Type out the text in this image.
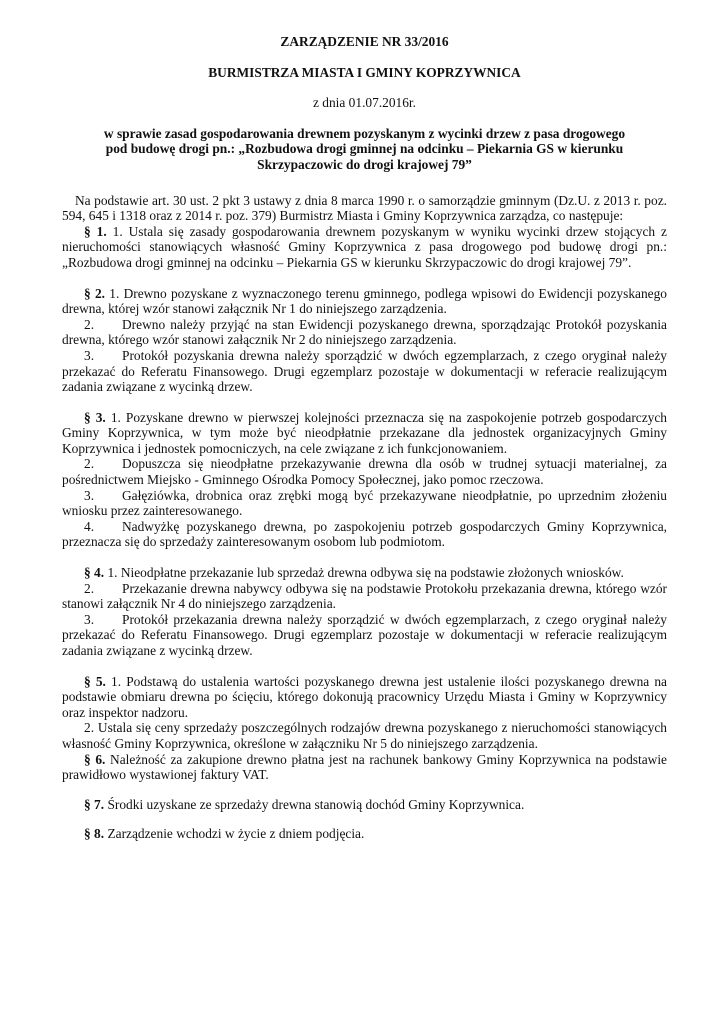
ZARZĄDZENIE NR 33/2016
BURMISTRZA MIASTA I GMINY KOPRZYWNICA
z dnia 01.07.2016r.
w sprawie zasad gospodarowania drewnem pozyskanym z wycinki drzew z pasa drogowego
pod budowę drogi pn.: „Rozbudowa drogi gminnej na odcinku – Piekarnia GS w kierunku
Skrzypaczowic do drogi krajowej 79”

Na podstawie art. 30 ust. 2 pkt 3 ustawy z dnia 8 marca 1990 r. o samorządzie gminnym (Dz.U. z 2013 r. poz. 594, 645 i 1318 oraz z 2014 r. poz. 379) Burmistrz Miasta i Gminy Koprzywnica zarządza, co następuje:

§ 1. 1. Ustala się zasady gospodarowania drewnem pozyskanym w wyniku wycinki drzew stojących z nieruchomości stanowiących własność Gminy Koprzywnica z pasa drogowego pod budowę drogi pn.: „Rozbudowa drogi gminnej na odcinku – Piekarnia GS w kierunku Skrzypaczowic do drogi krajowej 79”.

§ 2. 1. Drewno pozyskane z wyznaczonego terenu gminnego, podlega wpisowi do Ewidencji pozyskanego drewna, której wzór stanowi załącznik Nr 1 do niniejszego zarządzenia.

2. Drewno należy przyjąć na stan Ewidencji pozyskanego drewna, sporządzając Protokół pozyskania drewna, którego wzór stanowi załącznik Nr 2 do niniejszego zarządzenia.

3. Protokół pozyskania drewna należy sporządzić w dwóch egzemplarzach, z czego oryginał należy przekazać do Referatu Finansowego. Drugi egzemplarz pozostaje w dokumentacji w referacie realizującym zadania związane z wycinką drzew.

§ 3. 1. Pozyskane drewno w pierwszej kolejności przeznacza się na zaspokojenie potrzeb gospodarczych Gminy Koprzywnica, w tym może być nieodpłatnie przekazane dla jednostek organizacyjnych Gminy Koprzywnica i jednostek pomocniczych, na cele związane z ich funkcjonowaniem.

2. Dopuszcza się nieodpłatne przekazywanie drewna dla osób w trudnej sytuacji materialnej, za pośrednictwem Miejsko - Gminnego Ośrodka Pomocy Społecznej, jako pomoc rzeczowa.

3. Gałęziówka, drobnica oraz zrębki mogą być przekazywane nieodpłatnie, po uprzednim złożeniu wniosku przez zainteresowanego.

4. Nadwyżkę pozyskanego drewna, po zaspokojeniu potrzeb gospodarczych Gminy Koprzywnica, przeznacza się do sprzedaży zainteresowanym osobom lub podmiotom.

§ 4. 1. Nieodpłatne przekazanie lub sprzedaż drewna odbywa się na podstawie złożonych wniosków.

2. Przekazanie drewna nabywcy odbywa się na podstawie Protokołu przekazania drewna, którego wzór stanowi załącznik Nr 4 do niniejszego zarządzenia.

3. Protokół przekazania drewna należy sporządzić w dwóch egzemplarzach, z czego oryginał należy przekazać do Referatu Finansowego. Drugi egzemplarz pozostaje w dokumentacji w referacie realizującym zadania związane z wycinką drzew.

§ 5. 1. Podstawą do ustalenia wartości pozyskanego drewna jest ustalenie ilości pozyskanego drewna na podstawie obmiaru drewna po ścięciu, którego dokonują pracownicy Urzędu Miasta i Gminy w Koprzywnicy oraz inspektor nadzoru.

2. Ustala się ceny sprzedaży poszczególnych rodzajów drewna pozyskanego z nieruchomości stanowiących własność Gminy Koprzywnica, określone w załączniku Nr 5 do niniejszego zarządzenia.

§ 6. Należność za zakupione drewno płatna jest na rachunek bankowy Gminy Koprzywnica na podstawie prawidłowo wystawionej faktury VAT.

§ 7. Środki uzyskane ze sprzedaży drewna stanowią dochód Gminy Koprzywnica.

§ 8. Zarządzenie wchodzi w życie z dniem podjęcia.
